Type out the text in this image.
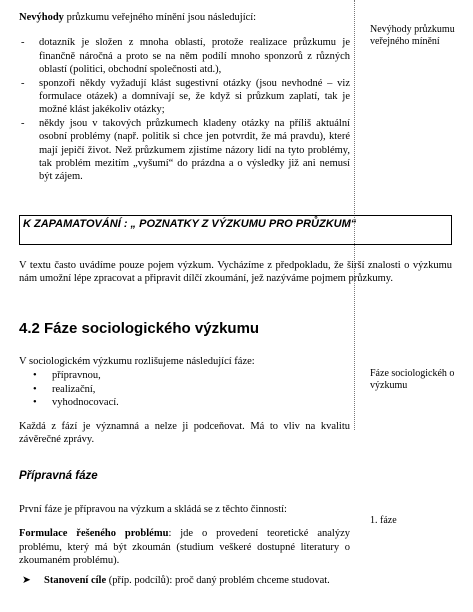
Nevýhody průzkumu veřejného mínění jsou následující:

- dotazník je složen z mnoha oblastí, protože realizace průzkumu je finančně náročná a proto se na něm podílí mnoho sponzorů z různých oblastí (politici, obchodní společnosti atd.),
- sponzoři někdy vyžadují klást sugestivní otázky (jsou nevhodné – viz formulace otázek) a domnívají se, že když si průzkum zaplatí, tak je možné klást jakékoliv otázky;
- někdy jsou v takových průzkumech kladeny otázky na příliš aktuální osobní problémy (např. politik si chce jen potvrdit, že má pravdu), které mají jepičí život. Než průzkumem zjistíme názory lidí na tyto problémy, tak problém mezitím „vyšumí“ do prázdna a o výsledky již ani nemusí být zájem.
Nevýhody průzkumu veřejného mínění
K ZAPAMATOVÁNÍ : „ POZNATKY Z VÝZKUMU PRO PRŮZKUM“

V textu často uvádíme pouze pojem výzkum. Vycházíme z předpokladu, že širší znalosti o výzkumu nám umožní lépe zpracovat a připravit dílčí zkoumání, jež nazýváme pojmem průzkumy.

4.2 Fáze sociologického výzkumu

V sociologickém výzkumu rozlišujeme následující fáze:

• přípravnou,
• realizační,
• vyhodnocovací.

Každá z fází je významná a nelze ji podceňovat. Má to vliv na kvalitu závěrečné zprávy.

Fáze sociologickéh o výzkumu
Přípravná fáze

První fáze je přípravou na výzkum a skládá se z těchto činností:

Formulace řešeného problému: jde o provedení teoretické analýzy problému, který má být zkoumán (studium veškeré dostupné literatury o zkoumaném problému).

➤ Stanovení cíle (příp. podcílů): proč daný problém chceme studovat.

1. fáze
